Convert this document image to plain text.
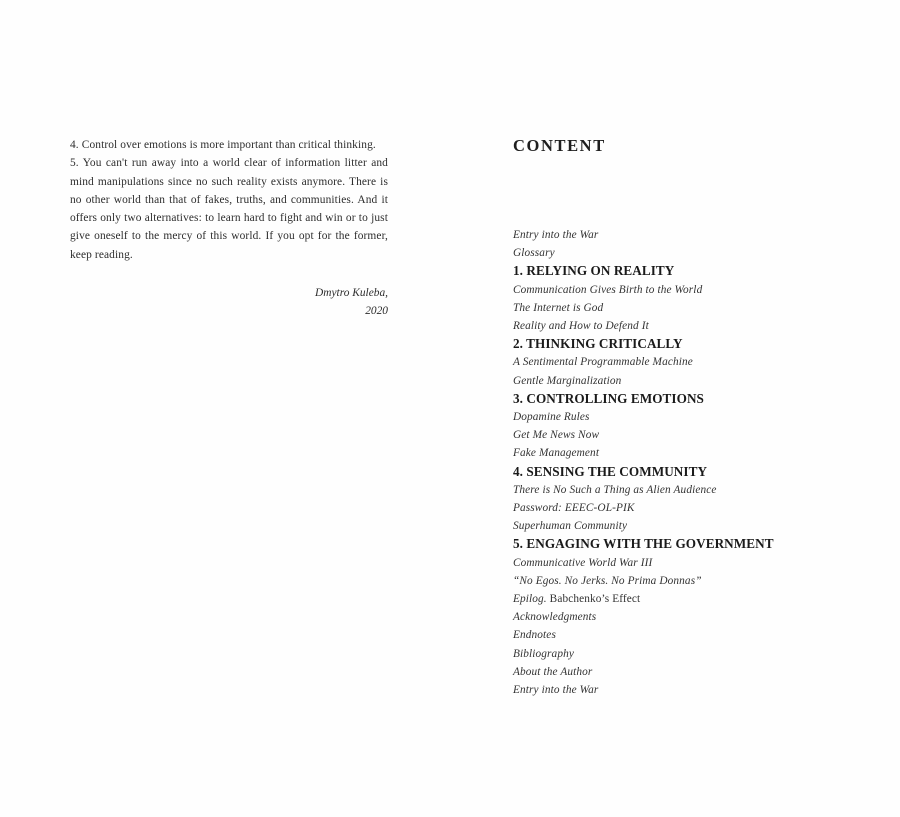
4. Control over emotions is more important than critical thinking.

5. You can't run away into a world clear of information litter and mind manipulations since no such reality exists anymore. There is no other world than that of fakes, truths, and communities. And it offers only two alternatives: to learn hard to fight and win or to just give oneself to the mercy of this world. If you opt for the former, keep reading.

Dmytro Kuleba,
2020
CONTENT
Entry into the War
Glossary
1. RELYING ON REALITY
Communication Gives Birth to the World
The Internet is God
Reality and How to Defend It
2. THINKING CRITICALLY
A Sentimental Programmable Machine
Gentle Marginalization
3. CONTROLLING EMOTIONS
Dopamine Rules
Get Me News Now
Fake Management
4. SENSING THE COMMUNITY
There is No Such a Thing as Alien Audience
Password: EEEC-OL-PIK
Superhuman Community
5. ENGAGING WITH THE GOVERNMENT
Communicative World War III
“No Egos. No Jerks. No Prima Donnas”
Epilog. Babchenko’s Effect
Acknowledgments
Endnotes
Bibliography
About the Author
Entry into the War
